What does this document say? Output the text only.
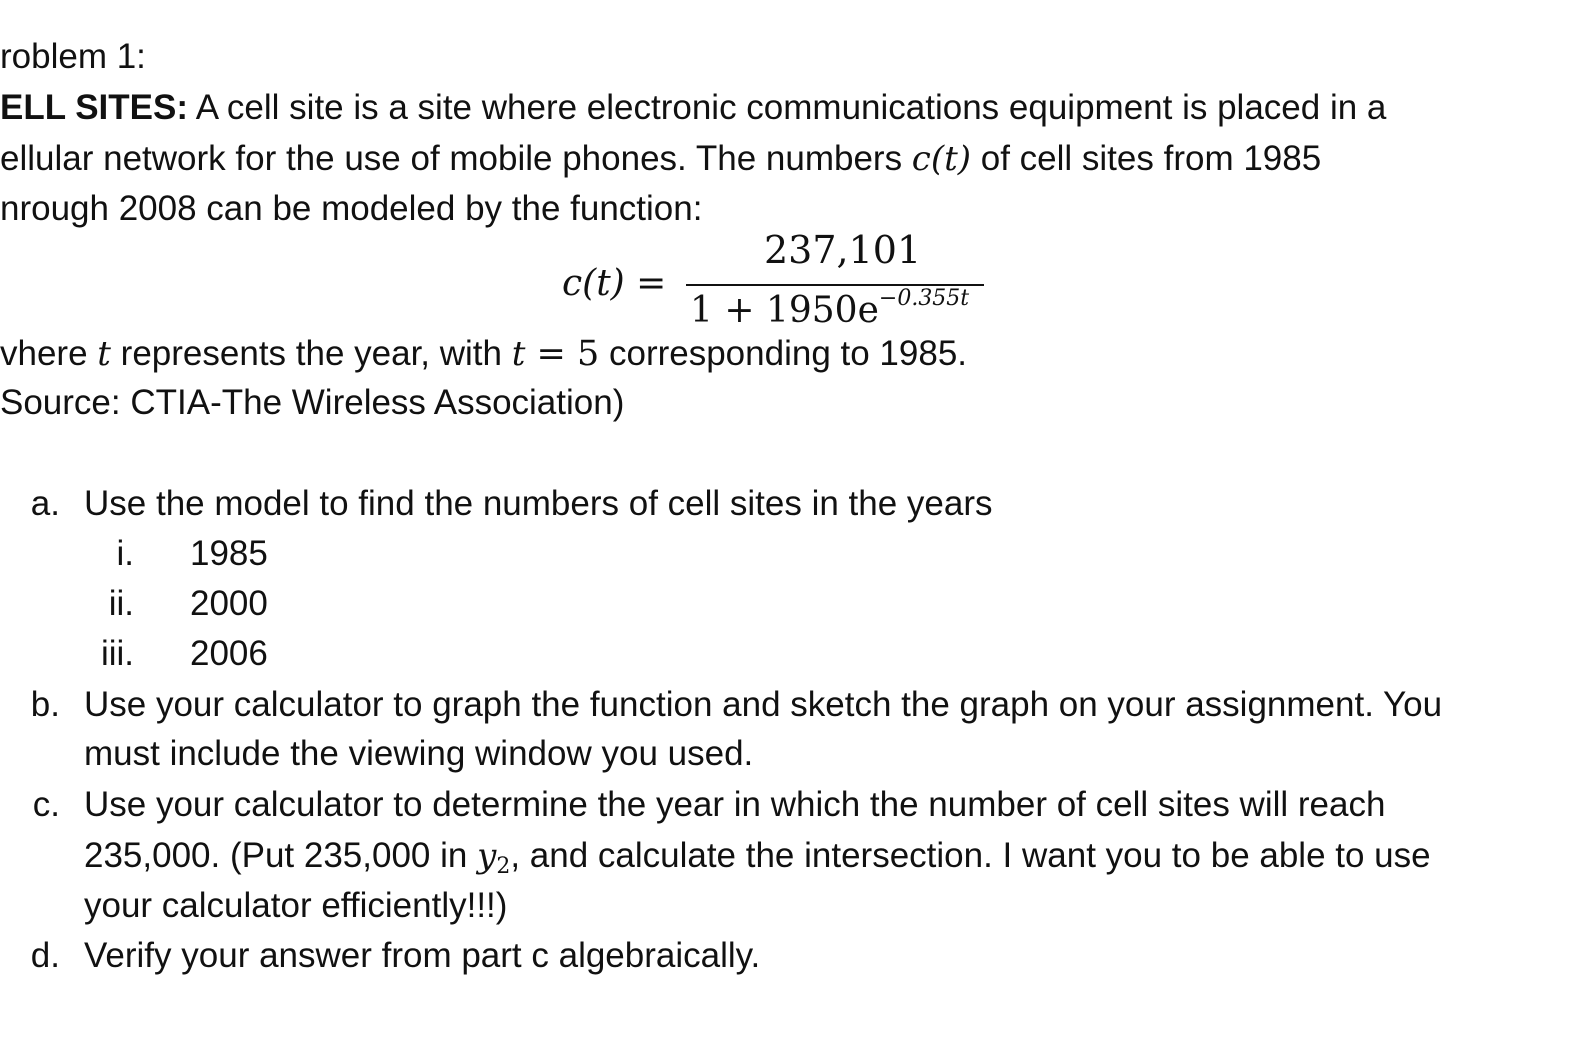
roblem 1:
ELL SITES: A cell site is a site where electronic communications equipment is placed in a
ellular network for the use of mobile phones. The numbers c(t) of cell sites from 1985
nrough 2008 can be modeled by the function:
c(t) =
237,101
$1 + 1950e^{-0.355t}$
vhere t represents the year, with t = 5 corresponding to 1985.
Source: CTIA-The Wireless Association)
a. Use the model to find the numbers of cell sites in the years
i. 1985
ii. 2000
iii. 2006
b. Use your calculator to graph the function and sketch the graph on your assignment. You
must include the viewing window you used.
c. Use your calculator to determine the year in which the number of cell sites will reach
235,000. (Put 235,000 in $y_2$, and calculate the intersection. I want you to be able to use
your calculator efficiently!!!)
d. Verify your answer from part c algebraically.
